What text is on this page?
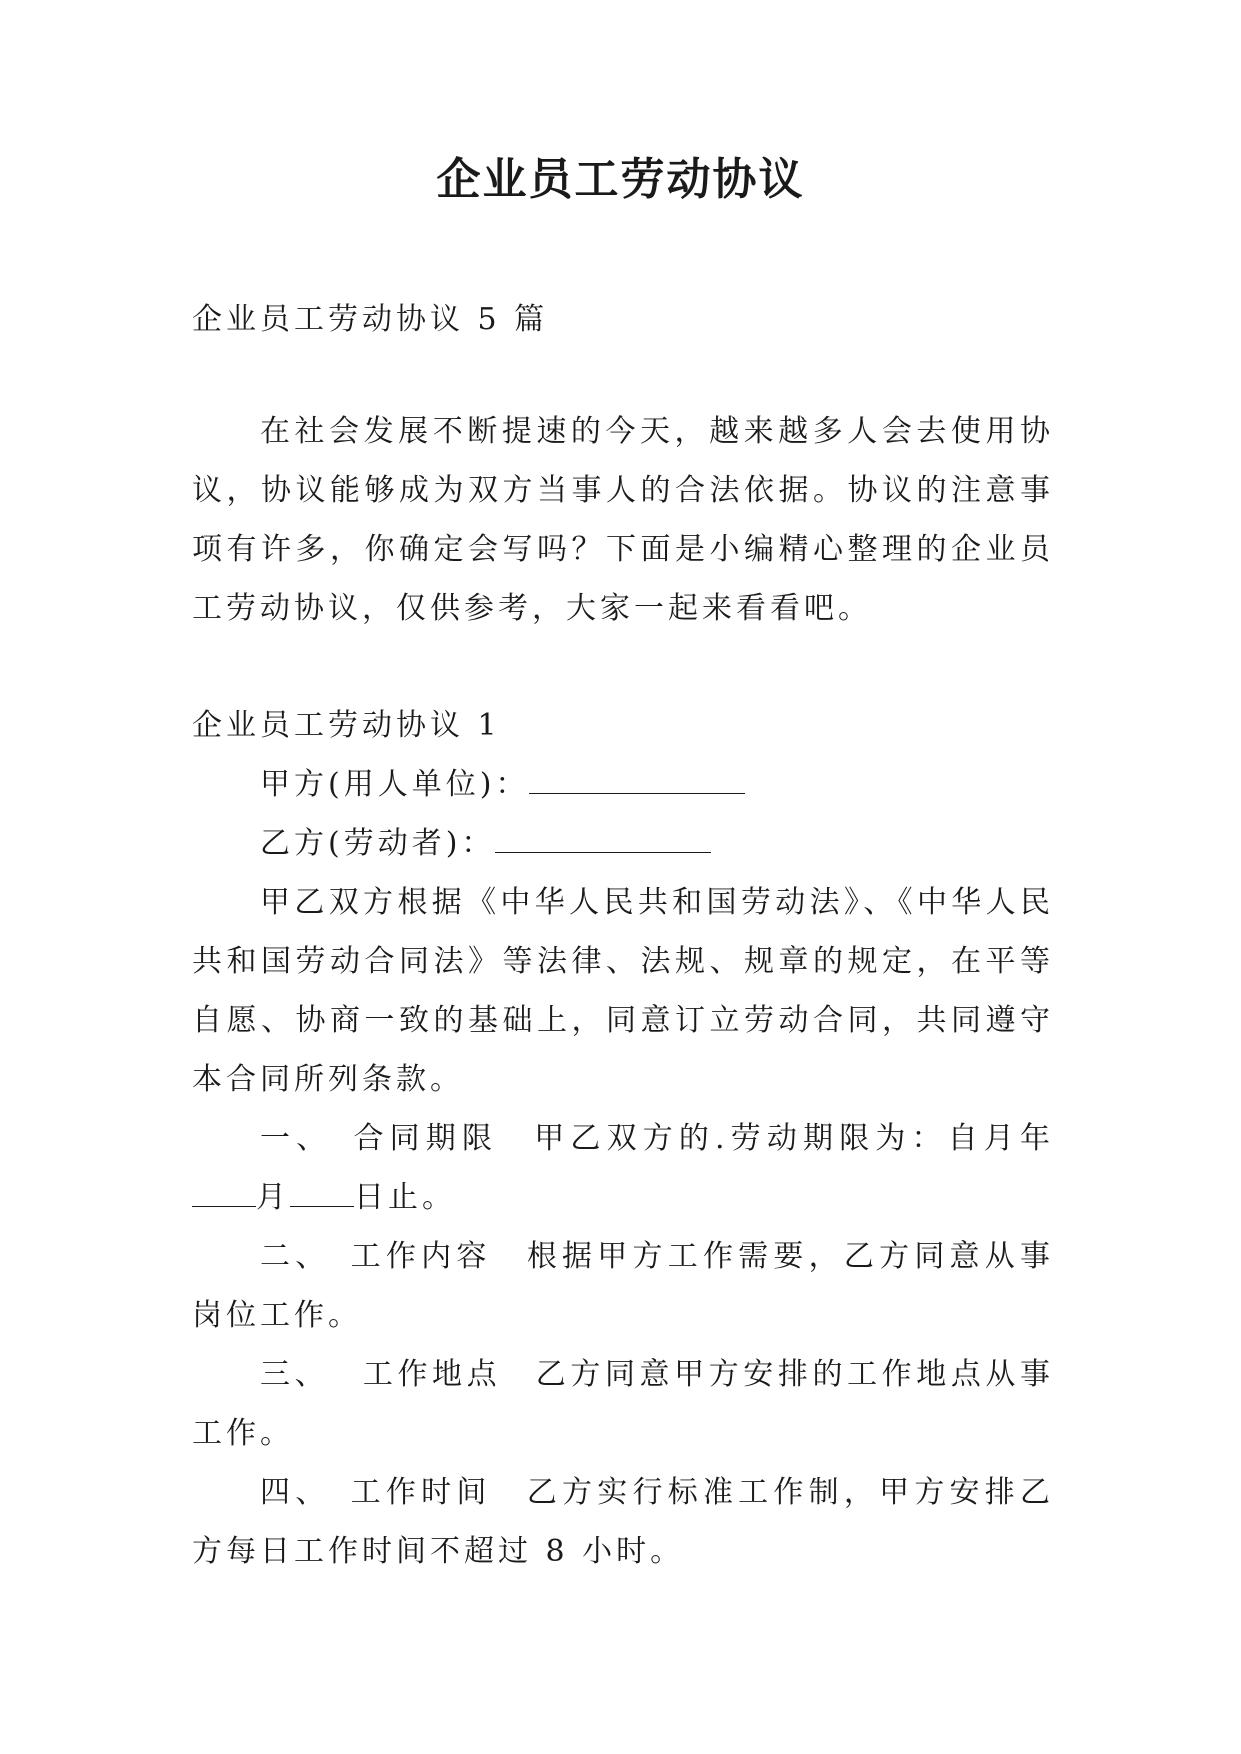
企业员工劳动协议

企业员工劳动协议 5 篇

在社会发展不断提速的今天，越来越多人会去使用协议，协议能够成为双方当事人的合法依据。协议的注意事项有许多，你确定会写吗？下面是小编精心整理的企业员工劳动协议，仅供参考，大家一起来看看吧。

企业员工劳动协议 1

甲方(用人单位)：

乙方(劳动者)：

甲乙双方根据《中华人民共和国劳动法》、《中华人民共和国劳动合同法》等法律、法规、规章的规定，在平等自愿、协商一致的基础上，同意订立劳动合同，共同遵守本合同所列条款。

一、　合同期限　甲乙双方的.劳动期限为：自月年月 日止。

二、　工作内容　根据甲方工作需要，乙方同意从事岗位工作。

三、　 工作地点　乙方同意甲方安排的工作地点从事工作。

四、　工作时间　乙方实行标准工作制，甲方安排乙方每日工作时间不超过 8 小时。
